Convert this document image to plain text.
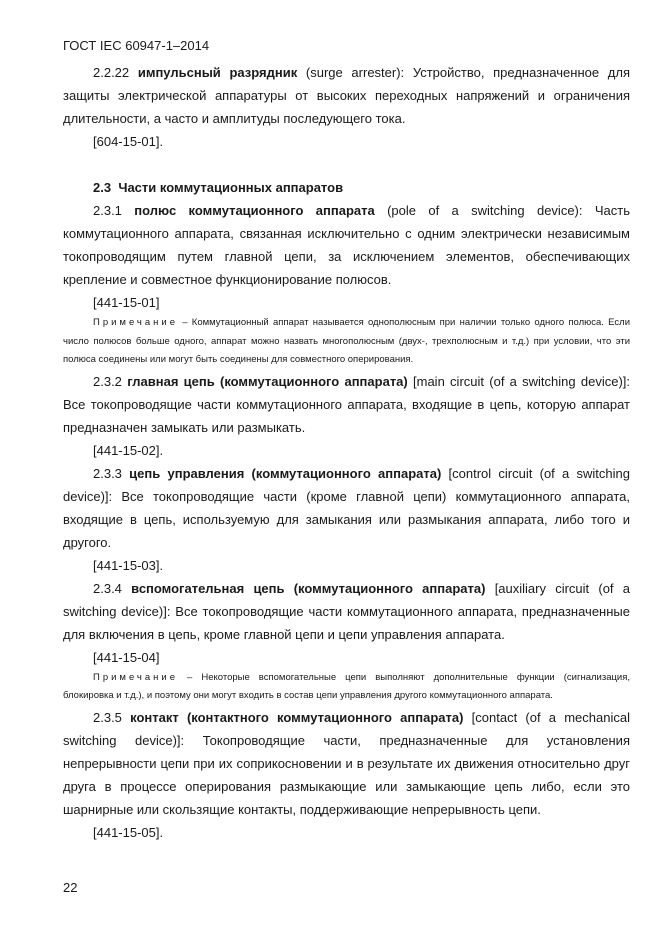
ГОСТ IEC 60947-1–2014

2.2.22 импульсный разрядник (surge arrester): Устройство, предназначенное для защиты электрической аппаратуры от высоких переходных напряжений и ограничения длительности, а часто и амплитуды последующего тока.

[604-15-01].

2.3 Части коммутационных аппаратов

2.3.1 полюс коммутационного аппарата (pole of a switching device): Часть коммутационного аппарата, связанная исключительно с одним электрически независимым токопроводящим путем главной цепи, за исключением элементов, обеспечивающих крепление и совместное функционирование полюсов.

[441-15-01]

Примечание – Коммутационный аппарат называется однополюсным при наличии только одного полюса. Если число полюсов больше одного, аппарат можно назвать многополюсным (двух-, трехполюсным и т.д.) при условии, что эти полюса соединены или могут быть соединены для совместного оперирования.

2.3.2 главная цепь (коммутационного аппарата) [main circuit (of a switching device)]: Все токопроводящие части коммутационного аппарата, входящие в цепь, которую аппарат предназначен замыкать или размыкать.

[441-15-02].

2.3.3 цепь управления (коммутационного аппарата) [control circuit (of a switching device)]: Все токопроводящие части (кроме главной цепи) коммутационного аппарата, входящие в цепь, используемую для замыкания или размыкания аппарата, либо того и другого.

[441-15-03].

2.3.4 вспомогательная цепь (коммутационного аппарата) [auxiliary circuit (of a switching device)]: Все токопроводящие части коммутационного аппарата, предназначенные для включения в цепь, кроме главной цепи и цепи управления аппарата.

[441-15-04]

Примечание – Некоторые вспомогательные цепи выполняют дополнительные функции (сигнализация, блокировка и т.д.), и поэтому они могут входить в состав цепи управления другого коммутационного аппарата.

2.3.5 контакт (контактного коммутационного аппарата) [contact (of a mechanical switching device)]: Токопроводящие части, предназначенные для установления непрерывности цепи при их соприкосновении и в результате их движения относительно друг друга в процессе оперирования размыкающие или замыкающие цепь либо, если это шарнирные или скользящие контакты, поддерживающие непрерывность цепи.

[441-15-05].

22
